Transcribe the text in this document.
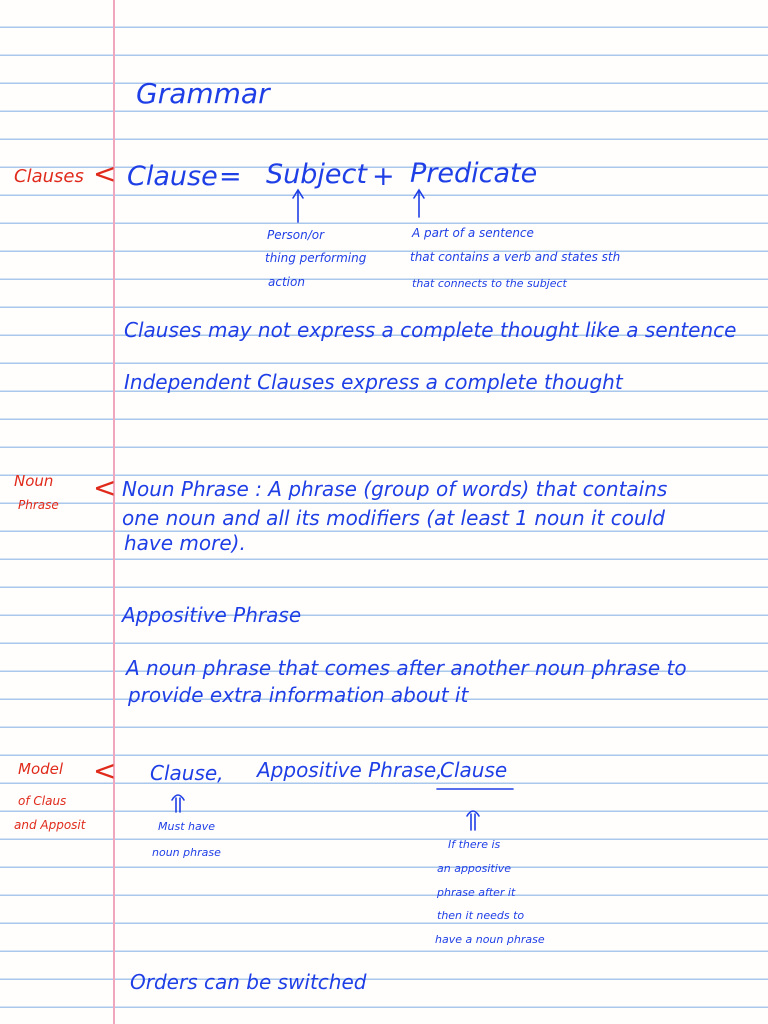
Grammar
Clauses < Clause = Subject + Predicate
Person/or
thing performing
action
A part of a sentence
that contains a verb and states sth
that connects to the subject
Clauses may not express a complete thought like a sentence
Independent Clauses express a complete thought
Noun
Phrase
< Noun Phrase : A phrase (group of words) that contains
one noun and all its modifiers (at least 1 noun it could
have more).
Appositive Phrase
A noun phrase that comes after another noun phrase to
provide extra information about it
Model
of Claus
and Apposit
< Clause, Appositive Phrase,
Clause
Must have
noun phrase
If there is
an appositive
phrase after it
then it needs to
have a noun phrase
Orders can be switched
